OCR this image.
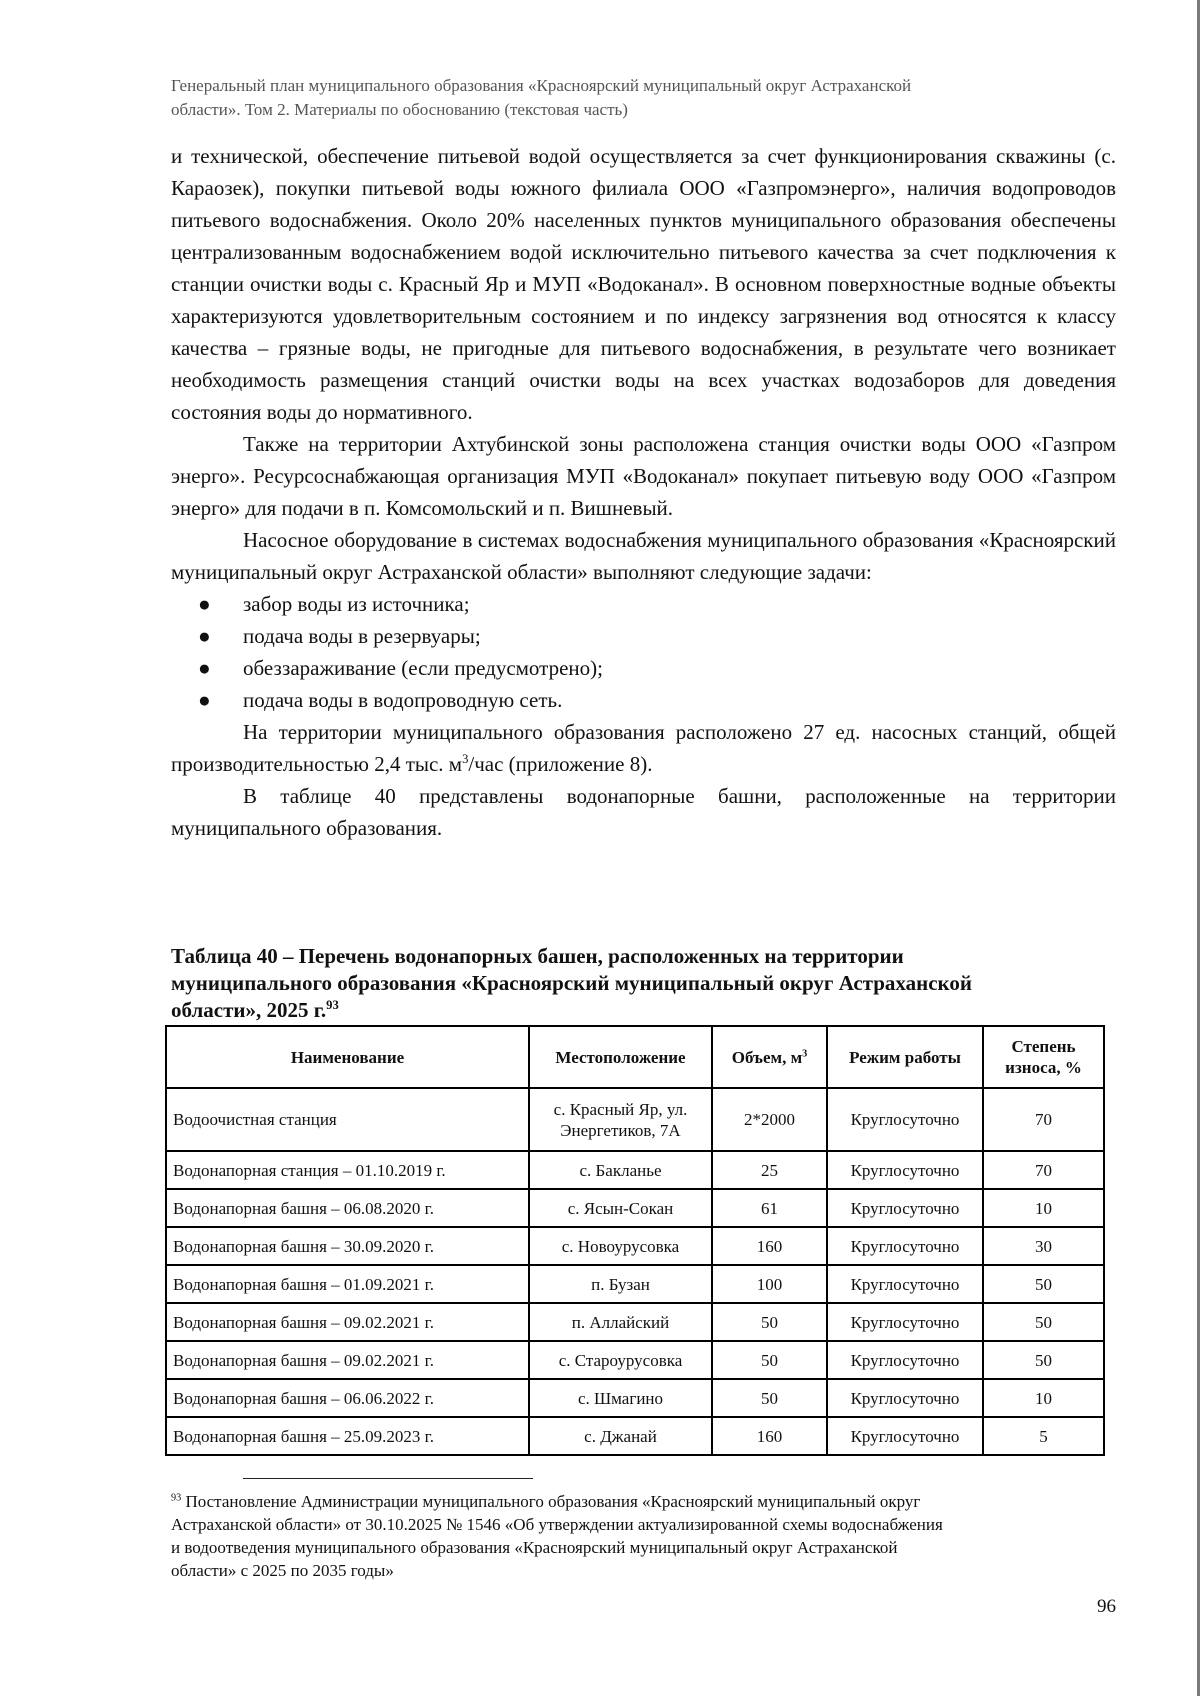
Генеральный план муниципального образования «Красноярский муниципальный округ Астраханской
области». Том 2. Материалы по обоснованию (текстовая часть)

и технической, обеспечение питьевой водой осуществляется за счет функционирования скважины (с. Караозек), покупки питьевой воды южного филиала ООО «Газпромэнерго», наличия водопроводов питьевого водоснабжения. Около 20% населенных пунктов муниципального образования обеспечены централизованным водоснабжением водой исключительно питьевого качества за счет подключения к станции очистки воды с. Красный Яр и МУП «Водоканал». В основном поверхностные водные объекты характеризуются удовлетворительным состоянием и по индексу загрязнения вод относятся к классу качества – грязные воды, не пригодные для питьевого водоснабжения, в результате чего возникает необходимость размещения станций очистки воды на всех участках водозаборов для доведения состояния воды до нормативного.

Также на территории Ахтубинской зоны расположена станция очистки воды ООО «Газпром энерго». Ресурсоснабжающая организация МУП «Водоканал» покупает питьевую воду ООО «Газпром энерго» для подачи в п. Комсомольский и п. Вишневый.

Насосное оборудование в системах водоснабжения муниципального образования «Красноярский муниципальный округ Астраханской области» выполняют следующие задачи:

● забор воды из источника;
● подача воды в резервуары;
● обеззараживание (если предусмотрено);
● подача воды в водопроводную сеть.

На территории муниципального образования расположено 27 ед. насосных станций, общей производительностью 2,4 тыс. $м^3$/час (приложение 8).

В таблице 40 представлены водонапорные башни, расположенные на территории муниципального образования.

Таблица 40 – Перечень водонапорных башен, расположенных на территории
муниципального образования «Красноярский муниципальный округ Астраханской
области», 2025 г.$^{93}$
Наименование	Местоположение	Объем, $м^3$	Режим работы	Степень износа, %
Водоочистная станция	с. Красный Яр, ул. Энергетиков, 7А	2*2000	Круглосуточно	70
Водонапорная станция – 01.10.2019 г.	с. Бакланье	25	Круглосуточно	70
Водонапорная башня – 06.08.2020 г.	с. Ясын-Сокан	61	Круглосуточно	10
Водонапорная башня – 30.09.2020 г.	с. Новоурусовка	160	Круглосуточно	30
Водонапорная башня – 01.09.2021 г.	п. Бузан	100	Круглосуточно	50
Водонапорная башня – 09.02.2021 г.	п. Аллайский	50	Круглосуточно	50
Водонапорная башня – 09.02.2021 г.	с. Староурусовка	50	Круглосуточно	50
Водонапорная башня – 06.06.2022 г.	с. Шмагино	50	Круглосуточно	10
Водонапорная башня – 25.09.2023 г.	с. Джанай	160	Круглосуточно	5
$^{93}$ Постановление Администрации муниципального образования «Красноярский муниципальный округ
Астраханской области» от 30.10.2025 № 1546 «Об утверждении актуализированной схемы водоснабжения
и водоотведения муниципального образования «Красноярский муниципальный округ Астраханской
области» с 2025 по 2035 годы»
96
